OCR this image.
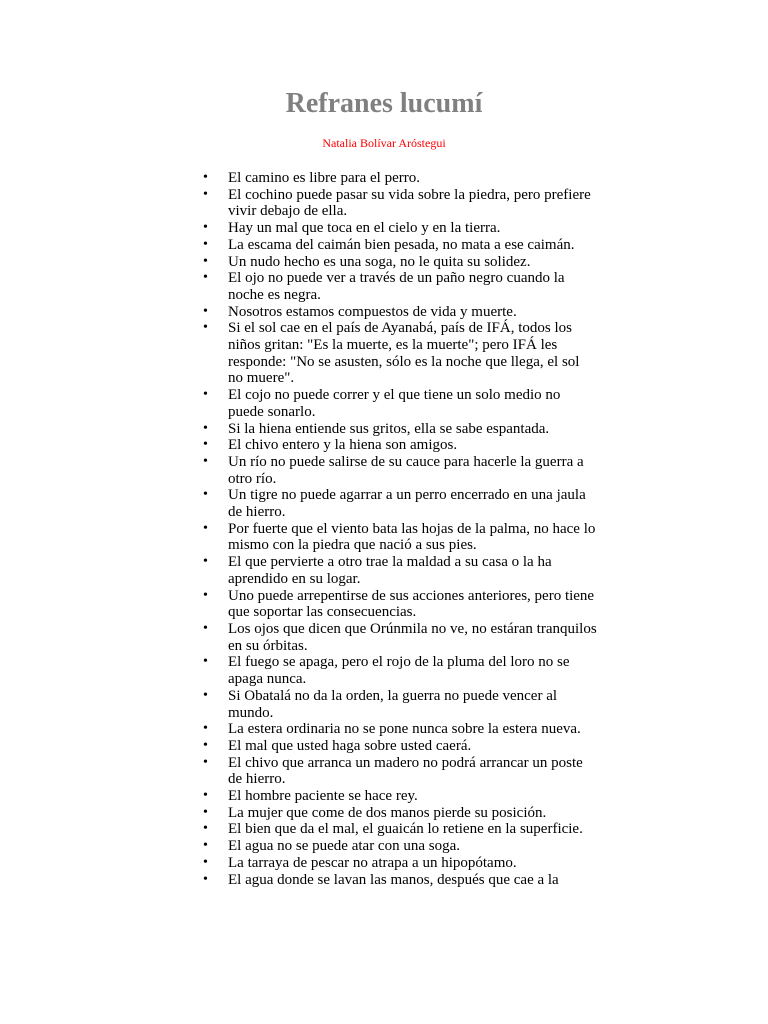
Refranes lucumí
Natalia Bolívar Aróstegui
• El camino es libre para el perro.
• El cochino puede pasar su vida sobre la piedra, pero prefiere vivir debajo de ella.
• Hay un mal que toca en el cielo y en la tierra.
• La escama del caimán bien pesada, no mata a ese caimán.
• Un nudo hecho es una soga, no le quita su solidez.
• El ojo no puede ver a través de un paño negro cuando la noche es negra.
• Nosotros estamos compuestos de vida y muerte.
• Si el sol cae en el país de Ayanabá, país de IFÁ, todos los niños gritan: "Es la muerte, es la muerte"; pero IFÁ les responde: "No se asusten, sólo es la noche que llega, el sol no muere".
• El cojo no puede correr y el que tiene un solo medio no puede sonarlo.
• Si la hiena entiende sus gritos, ella se sabe espantada.
• El chivo entero y la hiena son amigos.
• Un río no puede salirse de su cauce para hacerle la guerra a otro río.
• Un tigre no puede agarrar a un perro encerrado en una jaula de hierro.
• Por fuerte que el viento bata las hojas de la palma, no hace lo mismo con la piedra que nació a sus pies.
• El que pervierte a otro trae la maldad a su casa o la ha aprendido en su logar.
• Uno puede arrepentirse de sus acciones anteriores, pero tiene que soportar las consecuencias.
• Los ojos que dicen que Orúnmila no ve, no estáran tranquilos en su órbitas.
• El fuego se apaga, pero el rojo de la pluma del loro no se apaga nunca.
• Si Obatalá no da la orden, la guerra no puede vencer al mundo.
• La estera ordinaria no se pone nunca sobre la estera nueva.
• El mal que usted haga sobre usted caerá.
• El chivo que arranca un madero no podrá arrancar un poste de hierro.
• El hombre paciente se hace rey.
• La mujer que come de dos manos pierde su posición.
• El bien que da el mal, el guaicán lo retiene en la superficie.
• El agua no se puede atar con una soga.
• La tarraya de pescar no atrapa a un hipopótamo.
• El agua donde se lavan las manos, después que cae a la
